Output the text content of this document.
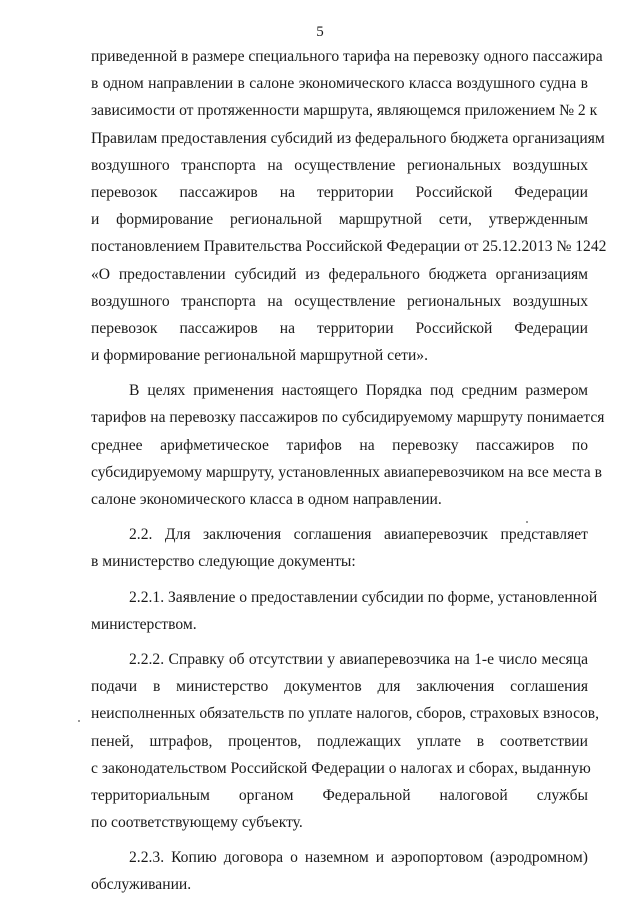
5
приведенной в размере специального тарифа на перевозку одного пассажира
в одном направлении в салоне экономического класса воздушного судна в
зависимости от протяженности маршрута, являющемся приложением № 2 к
Правилам предоставления субсидий из федерального бюджета организациям
воздушного транспорта на осуществление региональных воздушных
перевозок пассажиров на территории Российской Федерации
и формирование региональной маршрутной сети, утвержденным
постановлением Правительства Российской Федерации от 25.12.2013 № 1242
«О предоставлении субсидий из федерального бюджета организациям
воздушного транспорта на осуществление региональных воздушных
перевозок пассажиров на территории Российской Федерации
и формирование региональной маршрутной сети».
В целях применения настоящего Порядка под средним размером
тарифов на перевозку пассажиров по субсидируемому маршруту понимается
среднее арифметическое тарифов на перевозку пассажиров по
субсидируемому маршруту, установленных авиаперевозчиком на все места в
салоне экономического класса в одном направлении.
2.2. Для заключения соглашения авиаперевозчик представляет
в министерство следующие документы:
2.2.1. Заявление о предоставлении субсидии по форме, установленной
министерством.
2.2.2. Справку об отсутствии у авиаперевозчика на 1-е число месяца
подачи в министерство документов для заключения соглашения
неисполненных обязательств по уплате налогов, сборов, страховых взносов,
пеней, штрафов, процентов, подлежащих уплате в соответствии
с законодательством Российской Федерации о налогах и сборах, выданную
территориальным органом Федеральной налоговой службы
по соответствующему субъекту.
2.2.3. Копию договора о наземном и аэропортовом (аэродромном)
обслуживании.
